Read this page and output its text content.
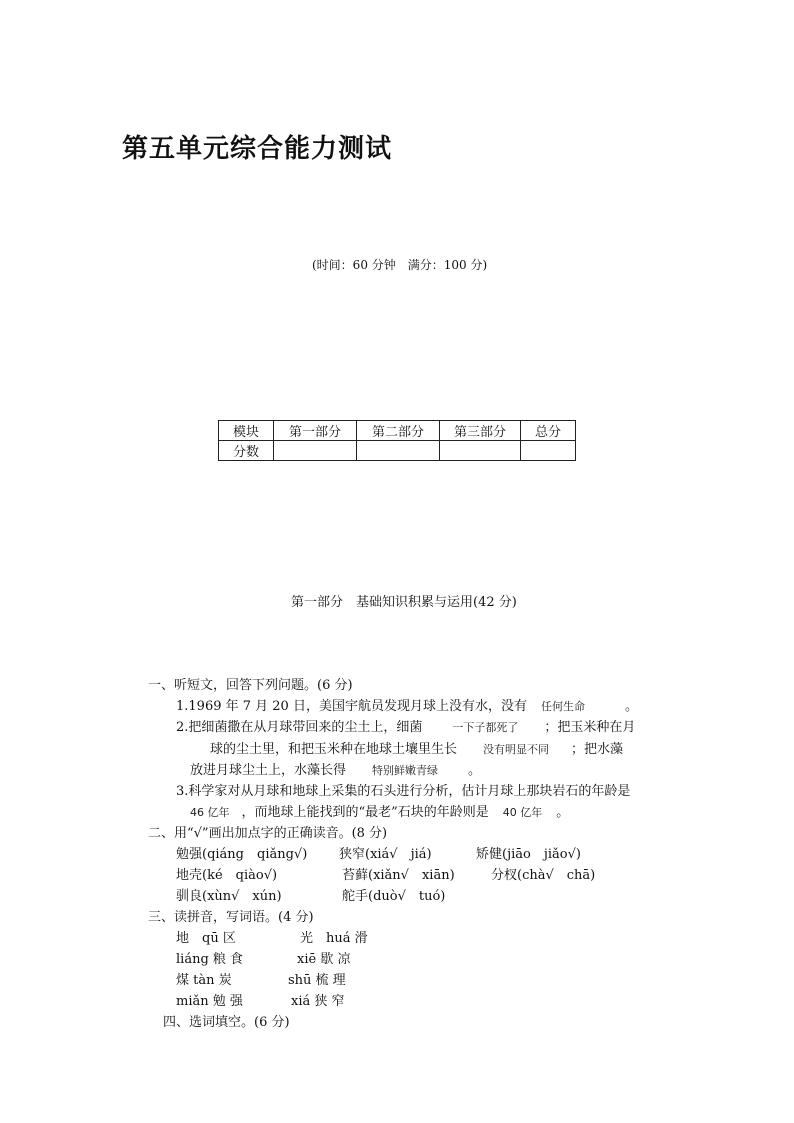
第五单元综合能力测试
(时间：60 分钟　满分：100 分)
模块	第一部分	第二部分	第三部分	总分
分数				
第一部分　基础知识积累与运用(42 分)
一、听短文，回答下列问题。(6 分)
1.1969 年 7 月 20 日，美国宇航员发现月球上没有水，没有 任何生命	。
2.把细菌撒在从月球带回来的尘土上，细菌	一下子都死了 ；把玉米种在月
球的尘土里，和把玉米种在地球土壤里生长 没有明显不同 ；把水藻
放进月球尘土上，水藻长得 特别鲜嫩青绿 。
3.科学家对从月球和地球上采集的石头进行分析，估计月球上那块岩石的年龄是
46 亿年 ，而地球上能找到的“最老”石块的年龄则是 40 亿年 。
二、用“√”画出加点字的正确读音。(8 分)
勉强(qiáng　qiǎng√) 狭窄(xiá√　jiá)	矫健(jiāo　jiǎo√)
地壳(ké　qiào√)	苔藓(xiǎn√　xiān)	分杈(chà√　chā)
驯良(xùn√　xún)	舵手(duò√　tuó)
三、读拼音，写词语。(4 分)
地　qū 区	光　huá 滑
liáng 粮 食	xiē 歇 凉
煤 tàn 炭	shū 梳 理
miǎn 勉 强	xiá 狭 窄
四、选词填空。(6 分)
